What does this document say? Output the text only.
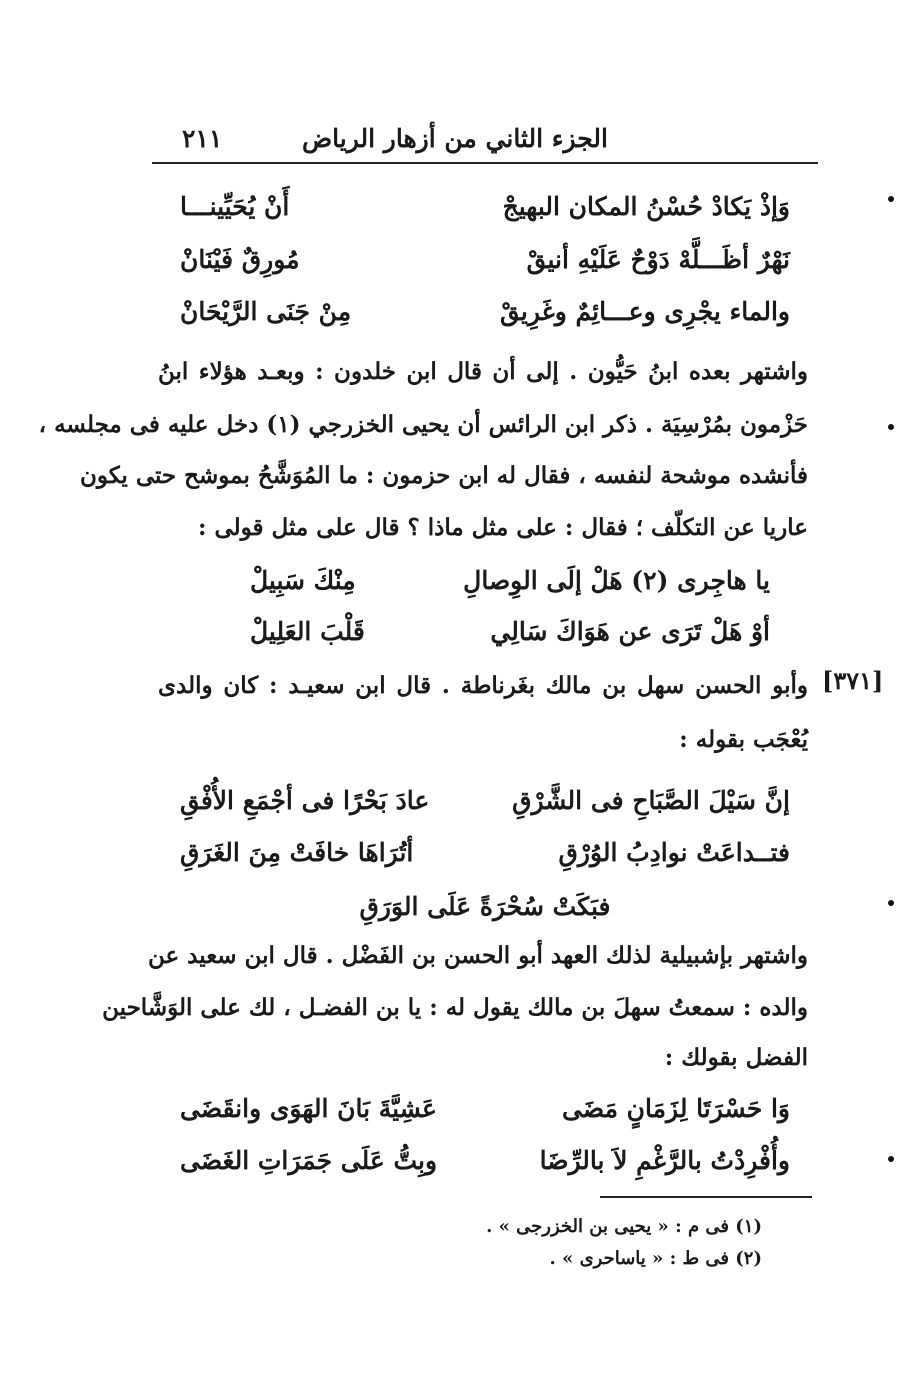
الجزء الثاني من أزهار الرياض
٢١١
وَإذْ يَكادْ حُسْنُ المكان البهيجْ
أَنْ يُحَيِّينـــا
نَهْرٌ أظَـــلَّهْ دَوْحٌ عَلَيْهِ أنيقْ
مُورِقٌ فَيْنَانْ
والماء يجْرِى وعـــائِمٌ وغَرِيقْ
مِنْ جَنَى الرَّيْحَانْ
واشتهر بعده ابنُ حَيُّون . إلى أن قال ابن خلدون : وبعـد هؤلاء ابنُ
حَزْمون بمُرْسِيَة . ذكر ابن الرائس أن يحيى الخزرجي (١) دخل عليه فى مجلسه ،
فأنشده موشحة لنفسه ، فقال له ابن حزمون : ما المُوَشَّحُ بموشح حتى يكون
عاريا عن التكلّف ؛ فقال : على مثل ماذا ؟ قال على مثل قولى :
يا هاجِرى (٢) هَلْ إلَى الوِصالِ
مِنْكَ سَبِيلْ
أوْ هَلْ تَرَى عن هَوَاكَ سَالِي
قَلْبَ العَلِيلْ
[٣٧١]
وأبو الحسن سهل بن مالك بغَرناطة . قال ابن سعيـد : كان والدى
يُعْجَب بقوله :
إنَّ سَيْلَ الصَّبَاحِ فى الشَّرْقِ
عادَ بَحْرًا فى أجْمَعِ الأُفْقِ
فتــداعَتْ نوادِبُ الوُرْقِ
أتُرَاهَا خافَتْ مِنَ الغَرَقِ
فبَكَتْ سُحْرَةً عَلَى الوَرَقِ
واشتهر بإشبيلية لذلك العهد أبو الحسن بن الفَضْل . قال ابن سعيد عن
والده : سمعتُ سهلَ بن مالك يقول له : يا بن الفضـل ، لك على الوَشَّاحين
الفضل بقولك :
وَا حَسْرَتَا لِزَمَانٍ مَضَى
عَشِيَّةَ بَانَ الهَوَى وانقَضَى
وأُفْرِدْتُ بالرَّغْمِ لاَ بالرِّضَا
وبِتُّ عَلَى جَمَرَاتِ الغَضَى
(١) فى م : « يحيى بن الخزرجى » .
(٢) فى ط : « ياساحرى » .
